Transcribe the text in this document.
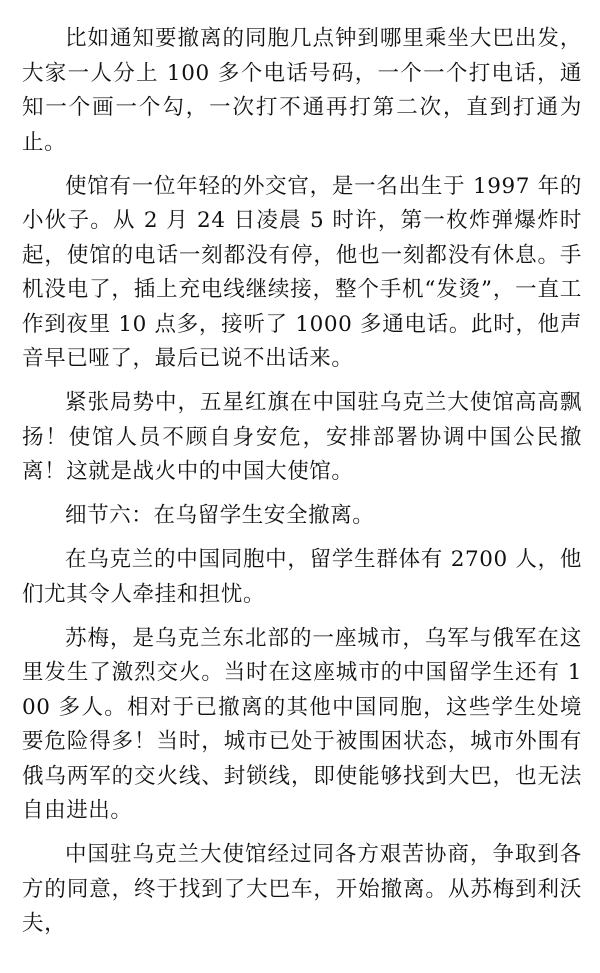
比如通知要撤离的同胞几点钟到哪里乘坐大巴出发，大家一人分上 100 多个电话号码，一个一个打电话，通知一个画一个勾，一次打不通再打第二次，直到打通为止。

使馆有一位年轻的外交官，是一名出生于 1997 年的小伙子。从 2 月 24 日凌晨 5 时许，第一枚炸弹爆炸时起，使馆的电话一刻都没有停，他也一刻都没有休息。手机没电了，插上充电线继续接，整个手机“发烫”，一直工作到夜里 10 点多，接听了 1000 多通电话。此时，他声音早已哑了，最后已说不出话来。

紧张局势中，五星红旗在中国驻乌克兰大使馆高高飘扬！使馆人员不顾自身安危，安排部署协调中国公民撤离！这就是战火中的中国大使馆。

细节六：在乌留学生安全撤离。

在乌克兰的中国同胞中，留学生群体有 2700 人，他们尤其令人牵挂和担忧。

苏梅，是乌克兰东北部的一座城市，乌军与俄军在这里发生了激烈交火。当时在这座城市的中国留学生还有 100 多人。相对于已撤离的其他中国同胞，这些学生处境要危险得多！当时，城市已处于被围困状态，城市外围有俄乌两军的交火线、封锁线，即使能够找到大巴，也无法自由进出。

中国驻乌克兰大使馆经过同各方艰苦协商，争取到各方的同意，终于找到了大巴车，开始撤离。从苏梅到利沃夫，
